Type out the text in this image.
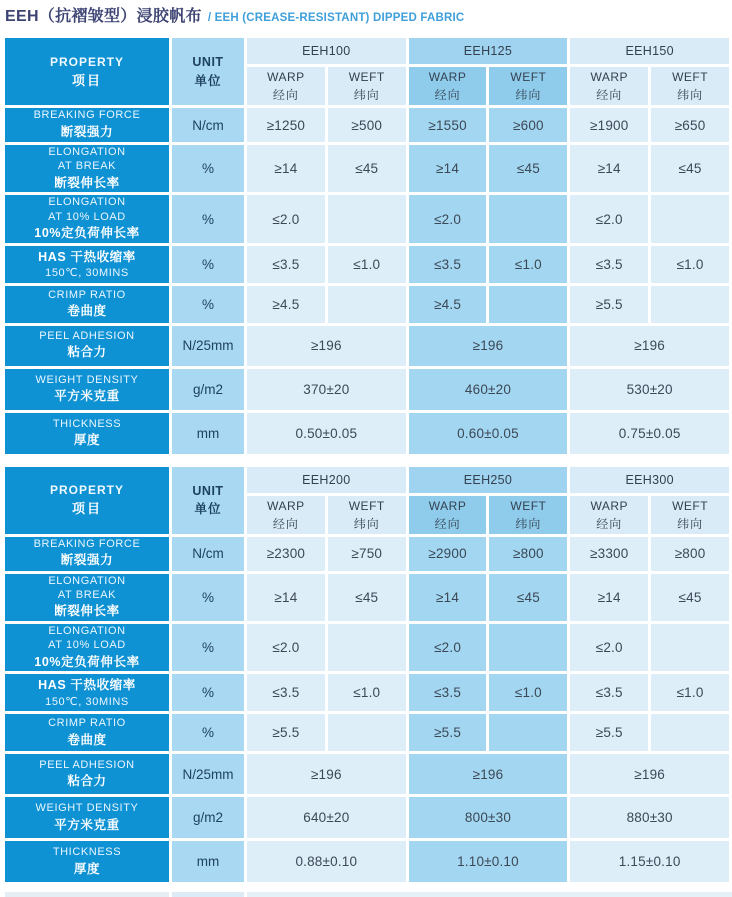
EEH（抗褶皱型）浸胶帆布 / EEH (CREASE-RESISTANT) DIPPED FABRIC
PROPERTY
项目

UNIT
单位
	EEH100	EEH125	EEH150

WARP
经向

WEFT
纬向

WARP
经向

WEFT
纬向

WARP
经向

WEFT
纬向

BREAKING FORCE
断裂强力	N/cm	≥1250	≥500	≥1550	≥600	≥1900	≥650

ELONGATION
AT BREAK
断裂伸长率	%	≥14	≤45	≥14	≤45	≥14	≤45

ELONGATION
AT 10% LOAD
10%定负荷伸长率	%	≤2.0		≤2.0		≤2.0	

HAS 干热收缩率
150℃, 30MINS	%	≤3.5	≤1.0	≤3.5	≤1.0	≤3.5	≤1.0

CRIMP RATIO
卷曲度	%	≥4.5		≥4.5		≥5.5	

PEEL ADHESION
粘合力	N/25mm	≥196		≥196		≥196	

WEIGHT DENSITY
平方米克重	g/m2	370±20		460±20		530±20	

THICKNESS
厚度	mm	0.50±0.05		0.60±0.05		0.75±0.05	
PROPERTY
项目

UNIT
单位
	EEH200	EEH250	EEH300

WARP
经向

WEFT
纬向

WARP
经向

WEFT
纬向

WARP
经向

WEFT
纬向

BREAKING FORCE
断裂强力	N/cm	≥2300	≥750	≥2900	≥800	≥3300	≥800

ELONGATION
AT BREAK
断裂伸长率	%	≥14	≤45	≥14	≤45	≥14	≤45

ELONGATION
AT 10% LOAD
10%定负荷伸长率	%	≤2.0		≤2.0		≤2.0	

HAS 干热收缩率
150℃, 30MINS	%	≤3.5	≤1.0	≤3.5	≤1.0	≤3.5	≤1.0

CRIMP RATIO
卷曲度	%	≥5.5		≥5.5		≥5.5	

PEEL ADHESION
粘合力	N/25mm	≥196		≥196		≥196	

WEIGHT DENSITY
平方米克重	g/m2	640±20		800±30		880±30	

THICKNESS
厚度	mm	0.88±0.10		1.10±0.10		1.15±0.10	
